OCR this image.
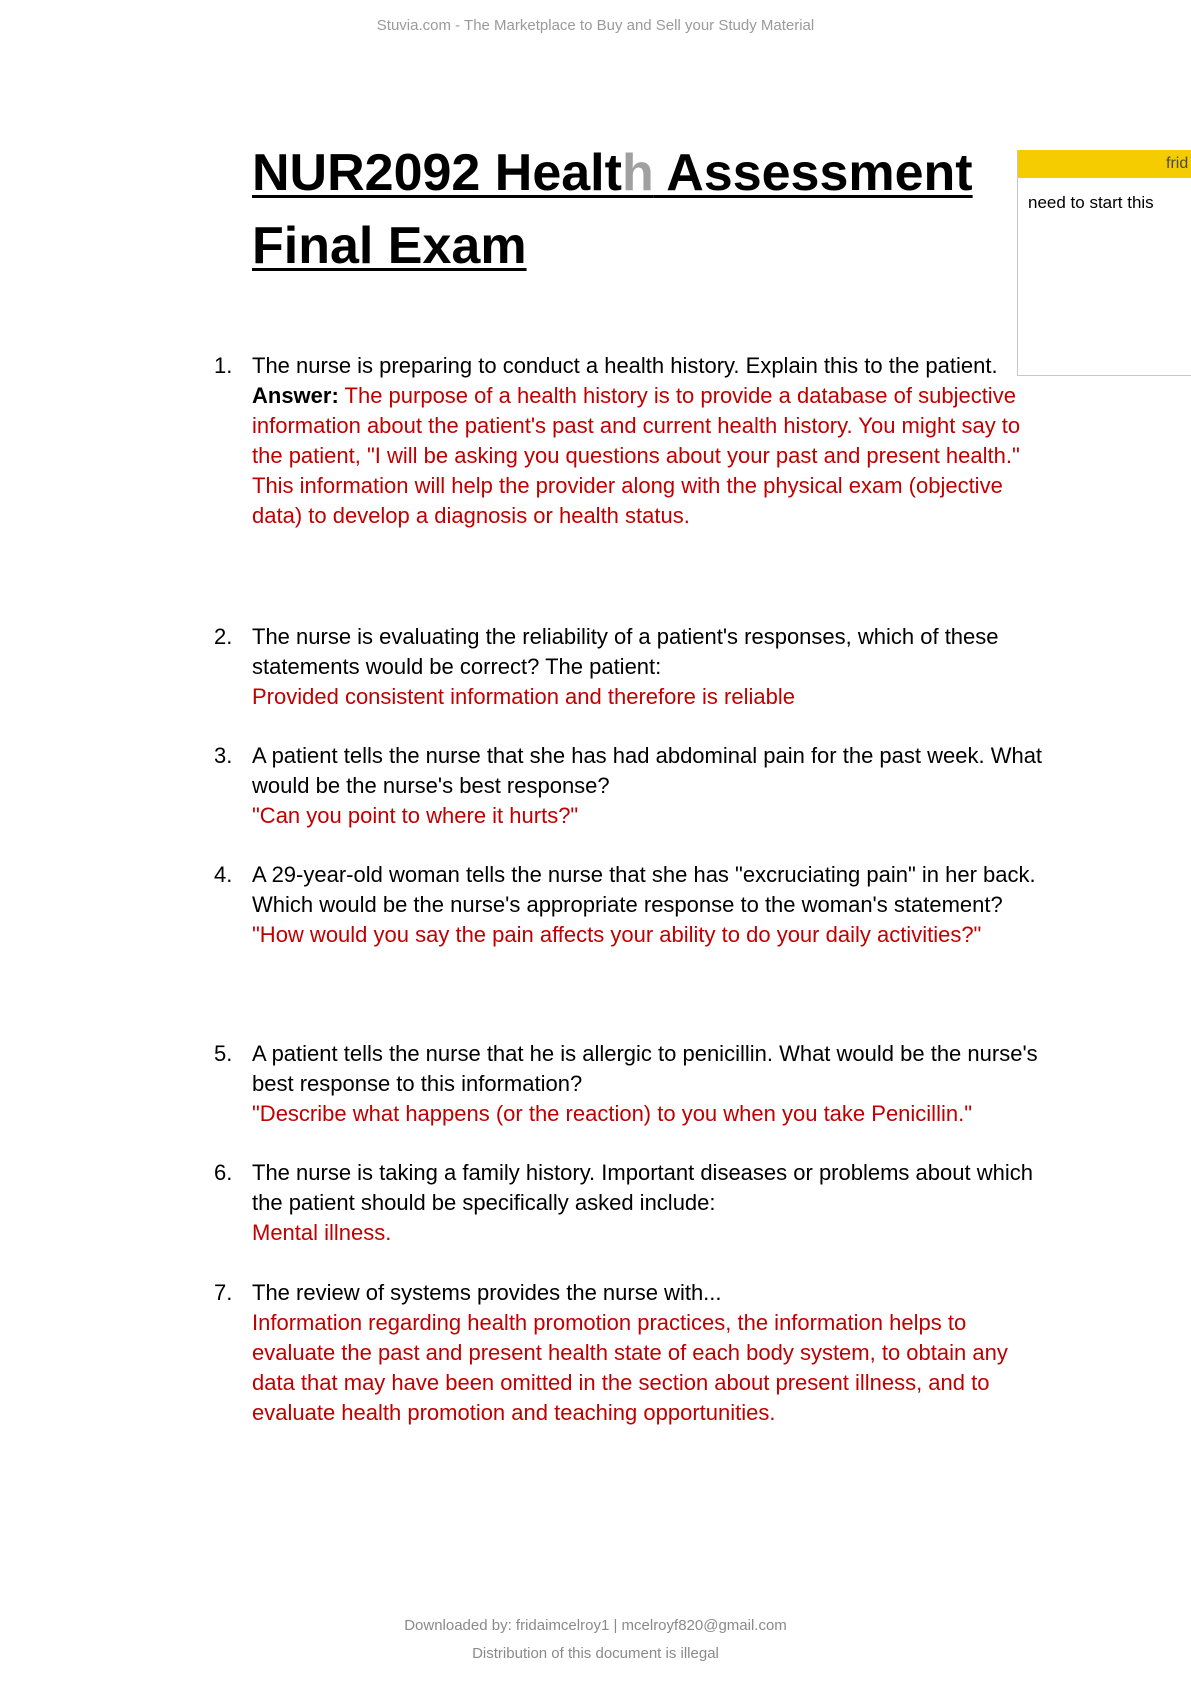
Stuvia.com - The Marketplace to Buy and Sell your Study Material
NUR2092 Health Assessment
Final Exam
frid
need to start this
1. The nurse is preparing to conduct a health history. Explain this to the patient.
Answer: The purpose of a health history is to provide a database of subjective information about the patient's past and current health history. You might say to the patient, "I will be asking you questions about your past and present health." This information will help the provider along with the physical exam (objective data) to develop a diagnosis or health status.
2. The nurse is evaluating the reliability of a patient's responses, which of these statements would be correct? The patient:
Provided consistent information and therefore is reliable
3. A patient tells the nurse that she has had abdominal pain for the past week. What would be the nurse's best response?
"Can you point to where it hurts?"
4. A 29-year-old woman tells the nurse that she has "excruciating pain" in her back. Which would be the nurse's appropriate response to the woman's statement?
"How would you say the pain affects your ability to do your daily activities?"
5. A patient tells the nurse that he is allergic to penicillin. What would be the nurse's best response to this information?
"Describe what happens (or the reaction) to you when you take Penicillin."
6. The nurse is taking a family history. Important diseases or problems about which the patient should be specifically asked include:
Mental illness.
7. The review of systems provides the nurse with...
Information regarding health promotion practices, the information helps to evaluate the past and present health state of each body system, to obtain any data that may have been omitted in the section about present illness, and to evaluate health promotion and teaching opportunities.
Downloaded by: fridaimcelroy1 | mcelroyf820@gmail.com
Distribution of this document is illegal
